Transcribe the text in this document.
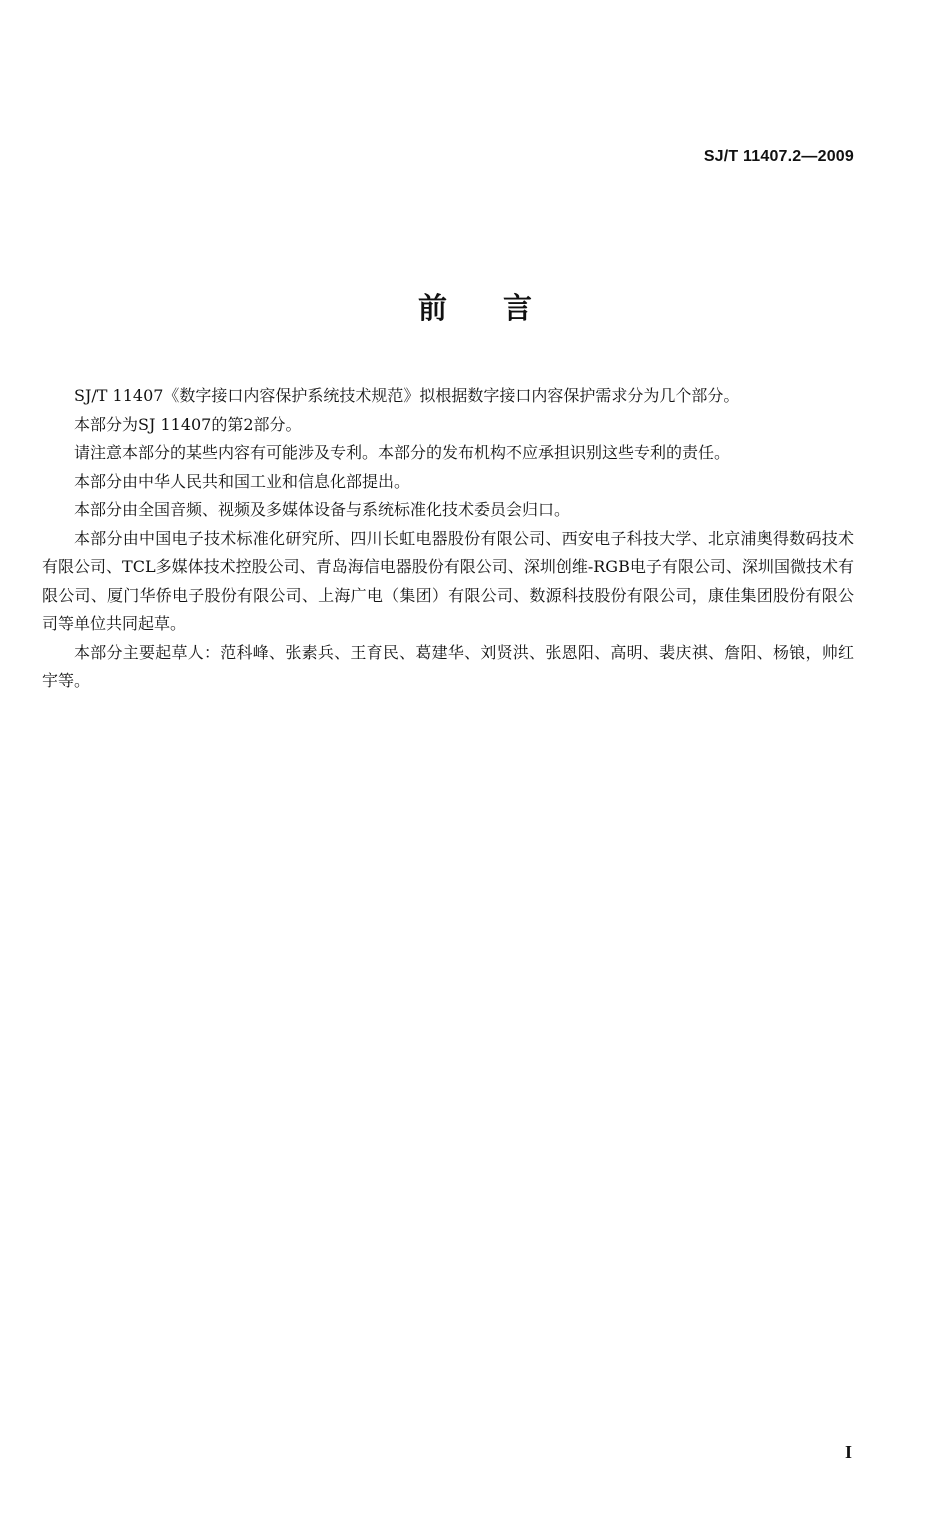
SJ/T 11407.2—2009
前言

SJ/T 11407《数字接口内容保护系统技术规范》拟根据数字接口内容保护需求分为几个部分。

本部分为SJ 11407的第2部分。

请注意本部分的某些内容有可能涉及专利。本部分的发布机构不应承担识别这些专利的责任。

本部分由中华人民共和国工业和信息化部提出。

本部分由全国音频、视频及多媒体设备与系统标准化技术委员会归口。

本部分由中国电子技术标准化研究所、四川长虹电器股份有限公司、西安电子科技大学、北京浦奥得数码技术有限公司、TCL多媒体技术控股公司、青岛海信电器股份有限公司、深圳创维-RGB电子有限公司、深圳国微技术有限公司、厦门华侨电子股份有限公司、上海广电（集团）有限公司、数源科技股份有限公司，康佳集团股份有限公司等单位共同起草。

本部分主要起草人：范科峰、张素兵、王育民、葛建华、刘贤洪、张恩阳、高明、裴庆祺、詹阳、杨锒，帅红宇等。

I
